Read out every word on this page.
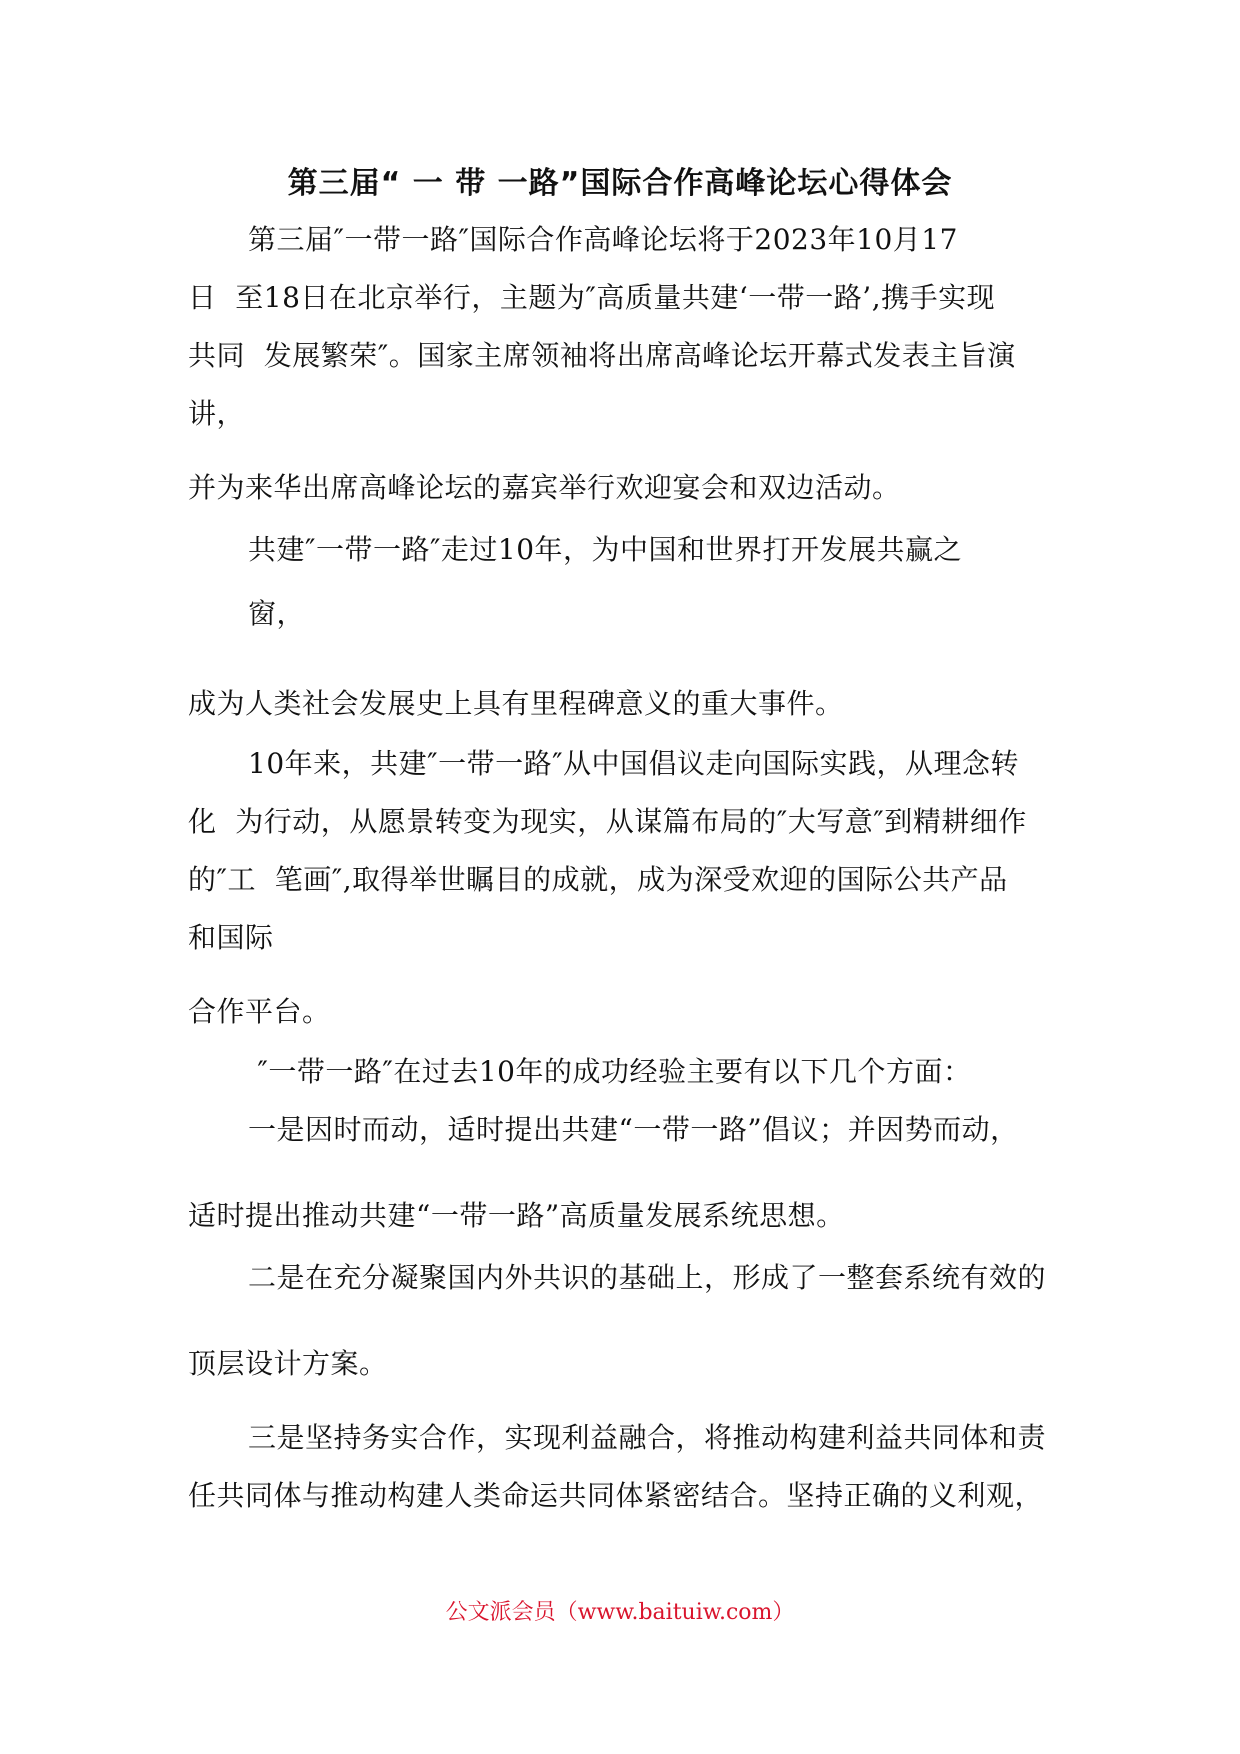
第三届“ 一 带 一路”国际合作高峰论坛心得体会
第三届″一带一路″国际合作高峰论坛将于2023年10月17
日  至18日在北京举行，主题为″高质量共建‘一带一路’,携手实现
共同  发展繁荣″。国家主席领袖将出席高峰论坛开幕式发表主旨演
讲，
并为来华出席高峰论坛的嘉宾举行欢迎宴会和双边活动。
共建″一带一路″走过10年，为中国和世界打开发展共赢之
窗，
成为人类社会发展史上具有里程碑意义的重大事件。
10年来，共建″一带一路″从中国倡议走向国际实践，从理念转
化  为行动，从愿景转变为现实，从谋篇布局的″大写意″到精耕细作
的″工  笔画″,取得举世瞩目的成就，成为深受欢迎的国际公共产品
和国际
合作平台。
″一带一路″在过去10年的成功经验主要有以下几个方面：
一是因时而动，适时提出共建“一带一路”倡议；并因势而动，
适时提出推动共建“一带一路”高质量发展系统思想。
二是在充分凝聚国内外共识的基础上，形成了一整套系统有效的
顶层设计方案。
三是坚持务实合作，实现利益融合，将推动构建利益共同体和责
任共同体与推动构建人类命运共同体紧密结合。坚持正确的义利观，
公文派会员（www.baituiw.com）
